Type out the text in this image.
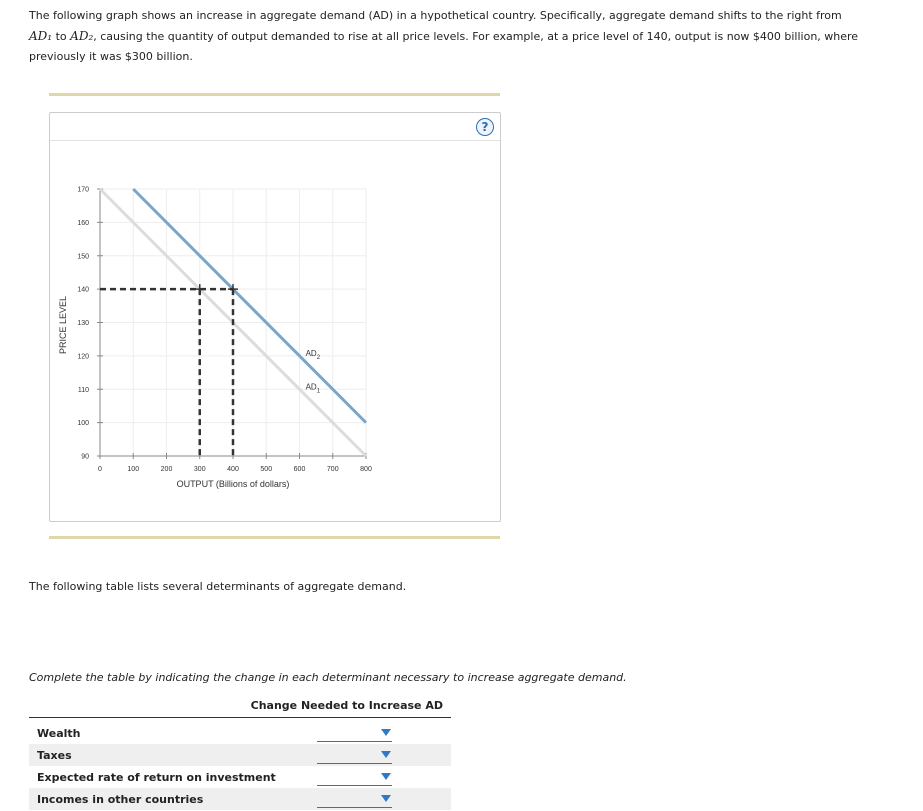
The following graph shows an increase in aggregate demand (AD) in a hypothetical country. Specifically, aggregate demand shifts to the right from
AD₁ to AD₂, causing the quantity of output demanded to rise at all price levels. For example, at a price level of 140, output is now $400 billion, where previously it was $300 billion.
?
0	100	200	300	400	500	600	700	800
90
100
110
120
130
140
150
160
170
$AD_2$
$AD_1$
OUTPUT (Billions of dollars)
PRICE LEVEL
The following table lists several determinants of aggregate demand.
Complete the table by indicating the change in each determinant necessary to increase aggregate demand.
Change Needed to Increase AD
Wealth
Taxes
Expected rate of return on investment
Incomes in other countries
